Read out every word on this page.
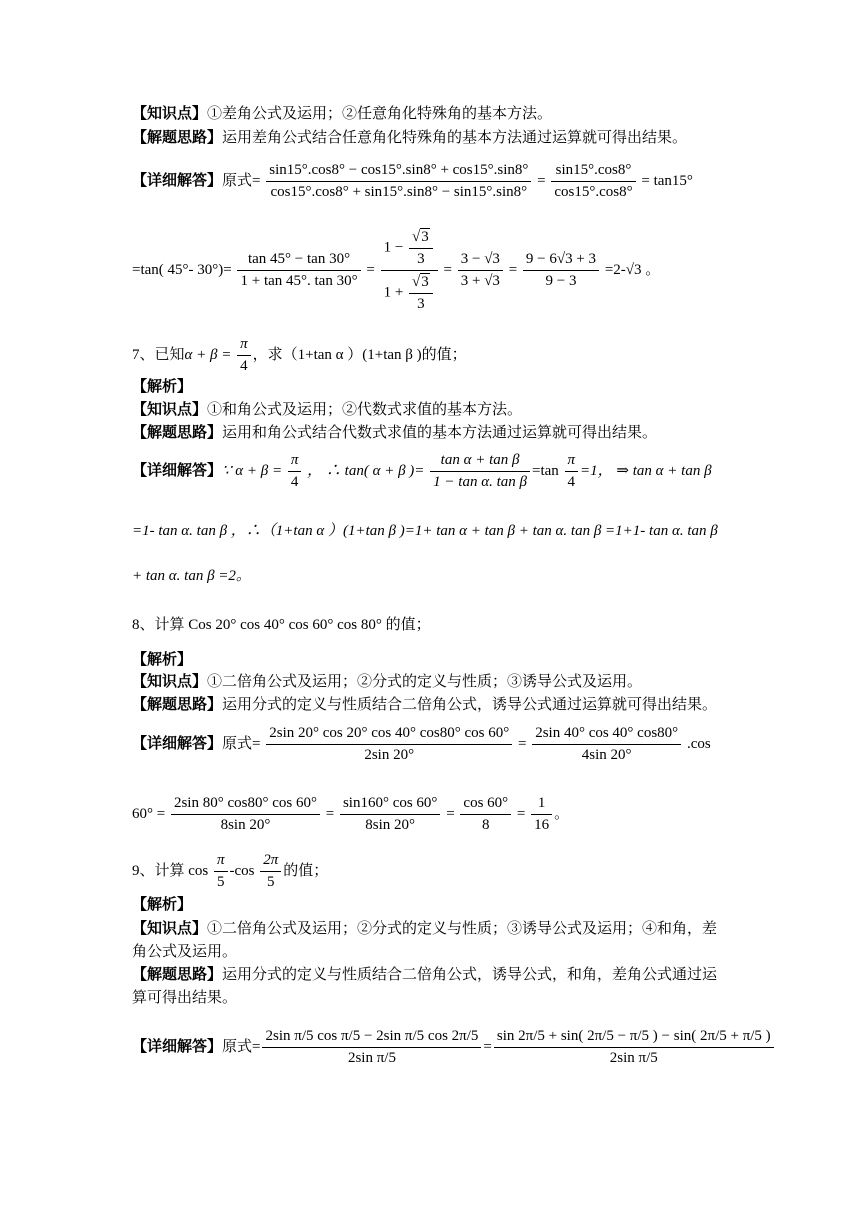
【知识点】①差角公式及运用；②任意角化特殊角的基本方法。
【解题思路】运用差角公式结合任意角化特殊角的基本方法通过运算就可得出结果。
【详细解答】原式= $\frac{\sin 15^\circ.\cos 8^\circ - \cos 15^\circ.\sin 8^\circ + \cos 15^\circ.\sin 8^\circ}{\cos 15^\circ.\cos 8^\circ + \sin 15^\circ.\sin 8^\circ - \sin 15^\circ.\sin 8^\circ} = \frac{\sin 15^\circ.\cos 8^\circ}{\cos 15^\circ.\cos 8^\circ} = \tan 15^\circ$
=tan( 45°- $30^\circ)= \frac{\tan 45^\circ - \tan 30^\circ}{1 + \tan 45^\circ. \tan 30^\circ} = \frac{1 - \frac{√3}{3}}{1 + \frac{√3}{3}} = \frac{3 - √3}{3 + √3} = \frac{9 - 6√3 + 3}{9 - 3} =2-√3$ 。
7、已知$\alpha + \beta = \frac{\pi}{4}$ ，求（1+tan α ）(1+tan β )的值；
【解析】
【知识点】①和角公式及运用；②代数式求值的基本方法。
【解题思路】运用和角公式结合代数式求值的基本方法通过运算就可得出结果。
【详细解答】∵ $\alpha + \beta = \frac{\pi}{4}$ ， ∴ tan( α + β )= $\frac{\text{tan α + tan β}}{\text{1 − tan α. tan β}} =\tan \frac{\pi}{4} =1$， ⇒ tan α + tan β
=1- tan α. tan β ，∴（1+tan α ）(1+tan β )=1+ tan α + tan β + tan α. tan β =1+1- tan α. tan β
+ tan α. tan β =2。
8、计算 Cos 20° cos 40° cos 60° cos 80° 的值；
【解析】
【知识点】①二倍角公式及运用；②分式的定义与性质；③诱导公式及运用。
【解题思路】运用分式的定义与性质结合二倍角公式，诱导公式通过运算就可得出结果。
【详细解答】原式= $\frac{2\sin 20^\circ \cos 20^\circ \cos 40^\circ \cos 80^\circ \cos 60^\circ}{2\sin 20^\circ} = \frac{2\sin 40^\circ \cos 40^\circ \cos 80^\circ}{4\sin 20^\circ} .\cos$
$60^\circ = \frac{2\sin 80^\circ \cos 80^\circ \cos 60^\circ}{8\sin 20^\circ} = \frac{\sin 160^\circ \cos 60^\circ}{8\sin 20^\circ} = \frac{\cos 60^\circ}{8} = \frac{1}{16}$ 。
9、计算 $\cos \frac{\pi}{5} -\cos \frac{2\pi}{5}$ 的值；
【解析】
【知识点】①二倍角公式及运用；②分式的定义与性质；③诱导公式及运用；④和角，差角公式及运用。
【解题思路】运用分式的定义与性质结合二倍角公式，诱导公式，和角，差角公式通过运算可得出结果。
【详细解答】原式= $\frac{\text{2sin π/5 cos π/5 − 2sin π/5 cos 2π/5}}{\text{2sin π/5}} = \frac{\sin 2\pi/5 + \sin( 2\pi/5 - \pi/5 ) - \sin( 2\pi/5 + \pi/5 )}{\text{2sin π/5}}$
